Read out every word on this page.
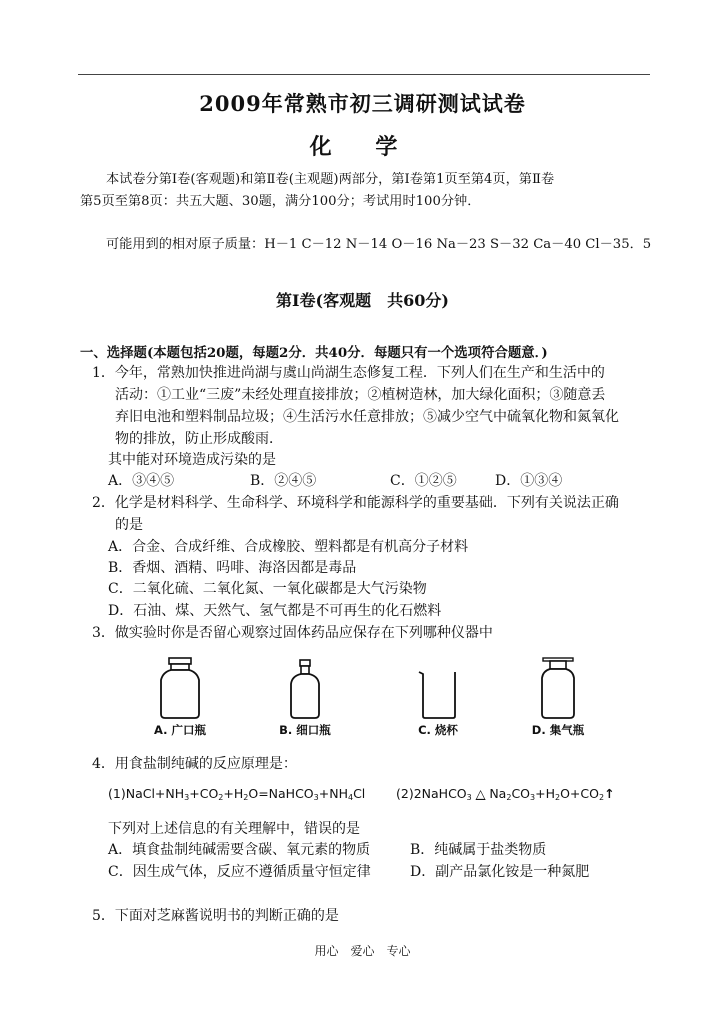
2009年常熟市初三调研测试试卷
化 学
本试卷分第Ⅰ卷(客观题)和第Ⅱ卷(主观题)两部分，第Ⅰ卷第1页至第4页，第Ⅱ卷
第5页至第8页：共五大题、30题，满分100分；考试用时100分钟．
可能用到的相对原子质量：H－1 C－12 N－14 O－16 Na－23 S－32 Ca－40 Cl－35．5
第Ⅰ卷(客观题　共60分)
一、选择题(本题包括20题，每题2分．共40分．每题只有一个选项符合题意．)
1．今年，常熟加快推进尚湖与虞山尚湖生态修复工程．下列人们在生产和生活中的
活动：①工业“三废”未经处理直接排放；②植树造林，加大绿化面积；③随意丢
弃旧电池和塑料制品垃圾；④生活污水任意排放；⑤减少空气中硫氧化物和氮氧化
物的排放，防止形成酸雨．
其中能对环境造成污染的是
A．③④⑤	B．②④⑤	C．①②⑤	D．①③④
2．化学是材料科学、生命科学、环境科学和能源科学的重要基础．下列有关说法正确
的是
A．合金、合成纤维、合成橡胶、塑料都是有机高分子材料
B．香烟、酒精、吗啡、海洛因都是毒品
C．二氧化硫、二氧化氮、一氧化碳都是大气污染物
D．石油、煤、天然气、氢气都是不可再生的化石燃料
3．做实验时你是否留心观察过固体药品应保存在下列哪种仪器中
A. 广口瓶	B. 细口瓶	C. 烧杯	D. 集气瓶
4．用食盐制纯碱的反应原理是：
$(1)NaCl+NH_3+CO_2+H_2O=NaHCO_3+NH_4Cl$ (2)2NaHCO$_3$ △ $Na_2CO_3+H_2O+CO_2↑$
下列对上述信息的有关理解中，错误的是
A．填食盐制纯碱需要含碳、氧元素的物质	B．纯碱属于盐类物质
C．因生成气体，反应不遵循质量守恒定律	D．副产品氯化铵是一种氮肥
5．下面对芝麻酱说明书的判断正确的是
用心　爱心　专心
